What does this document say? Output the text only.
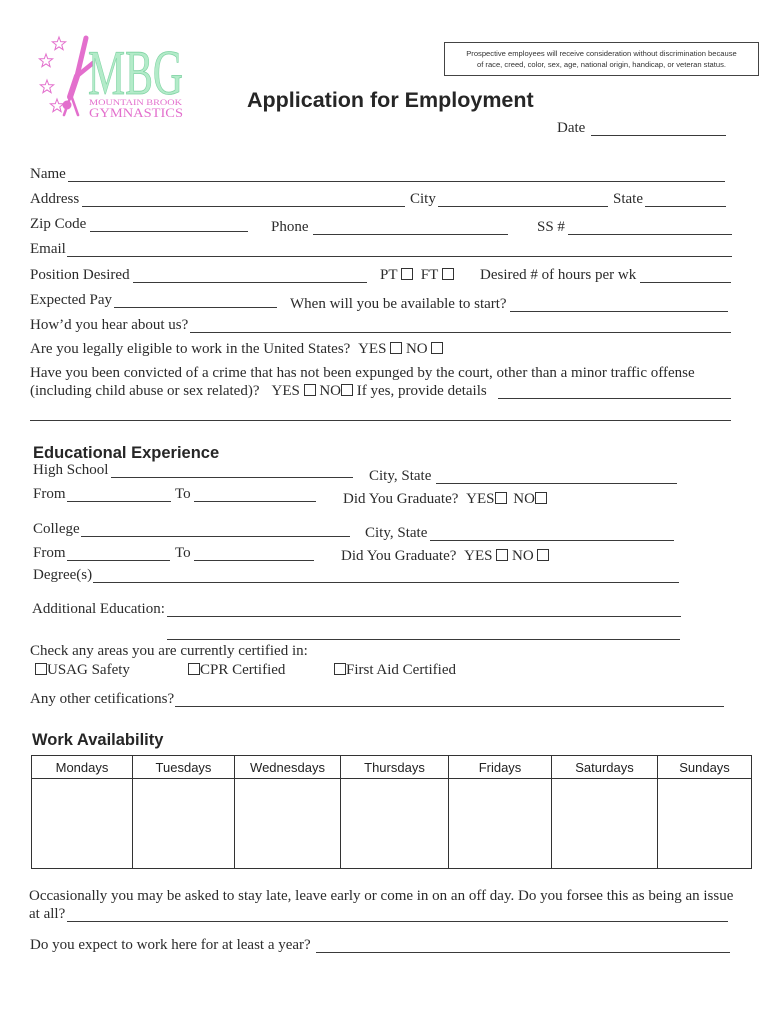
MBG
MOUNTAIN BROOK
GYMNASTICS
Prospective employees will receive consideration without discrimination because
of race, creed, color, sex, age, national origin, handicap, or veteran status.
Application for Employment
Date
Name
Address	City	State
Zip Code	Phone	SS #
Email
Position Desired	PT FT	Desired # of hours per wk
Expected Pay	When will you be available to start?
How’d you hear about us?
Are you legally eligible to work in the United States? YES NO
Have you been convicted of a crime that has not been expunged by the court, other than a minor traffic offense
(including child abuse or sex related)? YES NO If yes, provide details
Educational Experience
High School	City, State
From	To	Did You Graduate? YES NO
College	City, State
From	To	Did You Graduate? YES NO
Degree(s)
Additional Education:
Check any areas you are currently certified in:
USAG Safety	CPR Certified	First Aid Certified
Any other cetifications?
Work Availability
Mondays	Tuesdays	Wednesdays	Thursdays	Fridays	Saturdays	Sundays

Occasionally you may be asked to stay late, leave early or come in on an off day. Do you forsee this as being an issue
at all?
Do you expect to work here for at least a year?
